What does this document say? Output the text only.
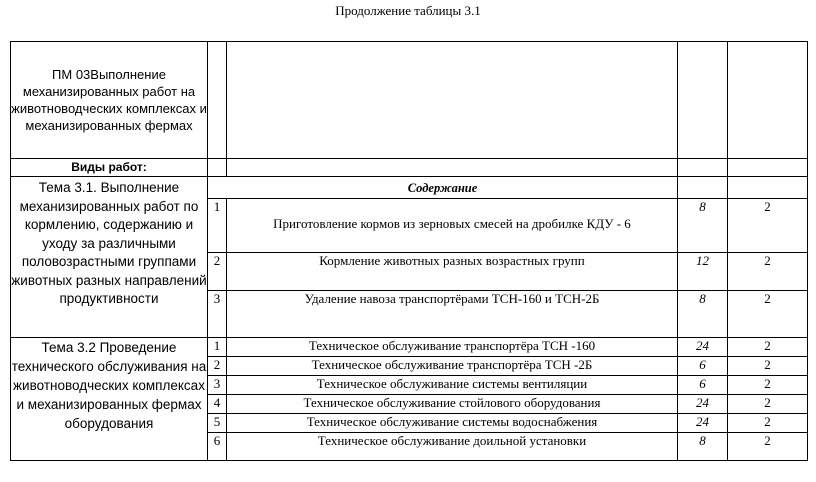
Продолжение таблицы 3.1
ПМ 03Выполнение механизированных работ на животноводческих комплексах и механизированных фермах				
Виды работ:				
Тема 3.1. Выполнение механизированных работ по кормлению, содержанию и уходу за различными половозрастными группами животных разных направлений продуктивности	Содержание			
	1	Приготовление кормов из зерновых смесей на дробилке КДУ - 6	8	2
	2	Кормление животных разных возрастных групп	12	2
	3	Удаление навоза транспортёрами ТСН-160 и ТСН-2Б	8	2
Тема 3.2 Проведение технического обслуживания на животноводческих комплексах и механизированных фермах оборудования	1	Техническое обслуживание транспортёра ТСН -160	24	2
	2	Техническое обслуживание транспортёра ТСН -2Б	6	2
	3	Техническое обслуживание системы вентиляции	6	2
	4	Техническое обслуживание стойлового оборудования	24	2
	5	Техническое обслуживание системы водоснабжения	24	2
	6	Техническое обслуживание доильной установки	8	2
